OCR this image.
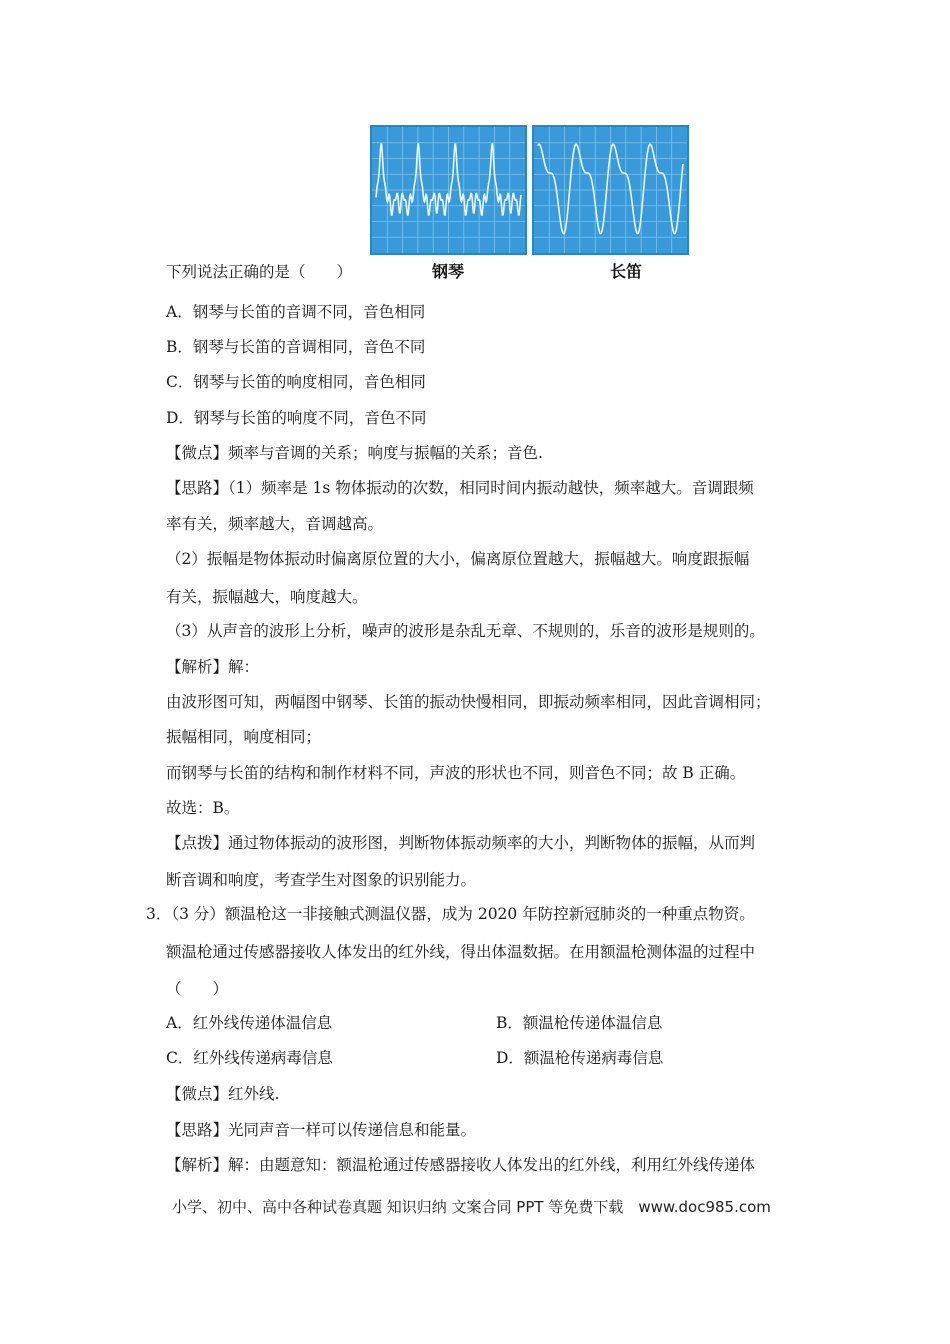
钢琴	长笛
下列说法正确的是（　　）
A．钢琴与长笛的音调不同，音色相同
B．钢琴与长笛的音调相同，音色不同
C．钢琴与长笛的响度相同，音色相同
D．钢琴与长笛的响度不同，音色不同
【微点】频率与音调的关系；响度与振幅的关系；音色.
【思路】（1）频率是 1s 物体振动的次数，相同时间内振动越快，频率越大。音调跟频
率有关，频率越大，音调越高。
（2）振幅是物体振动时偏离原位置的大小，偏离原位置越大，振幅越大。响度跟振幅
有关，振幅越大，响度越大。
（3）从声音的波形上分析，噪声的波形是杂乱无章、不规则的，乐音的波形是规则的。
【解析】解：
由波形图可知，两幅图中钢琴、长笛的振动快慢相同，即振动频率相同，因此音调相同；
振幅相同，响度相同；
而钢琴与长笛的结构和制作材料不同，声波的形状也不同，则音色不同；故 B 正确。
故选：B。
【点拨】通过物体振动的波形图，判断物体振动频率的大小，判断物体的振幅，从而判
断音调和响度，考查学生对图象的识别能力。
3．（3 分）额温枪这一非接触式测温仪器，成为 2020 年防控新冠肺炎的一种重点物资。
额温枪通过传感器接收人体发出的红外线，得出体温数据。在用额温枪测体温的过程中
（　　）
A．红外线传递体温信息	B．额温枪传递体温信息
C．红外线传递病毒信息	D．额温枪传递病毒信息
【微点】红外线.
【思路】光同声音一样可以传递信息和能量。
【解析】解：由题意知：额温枪通过传感器接收人体发出的红外线，利用红外线传递体
小学、初中、高中各种试卷真题 知识归纳 文案合同 PPT 等免费下载　www.doc985.com
